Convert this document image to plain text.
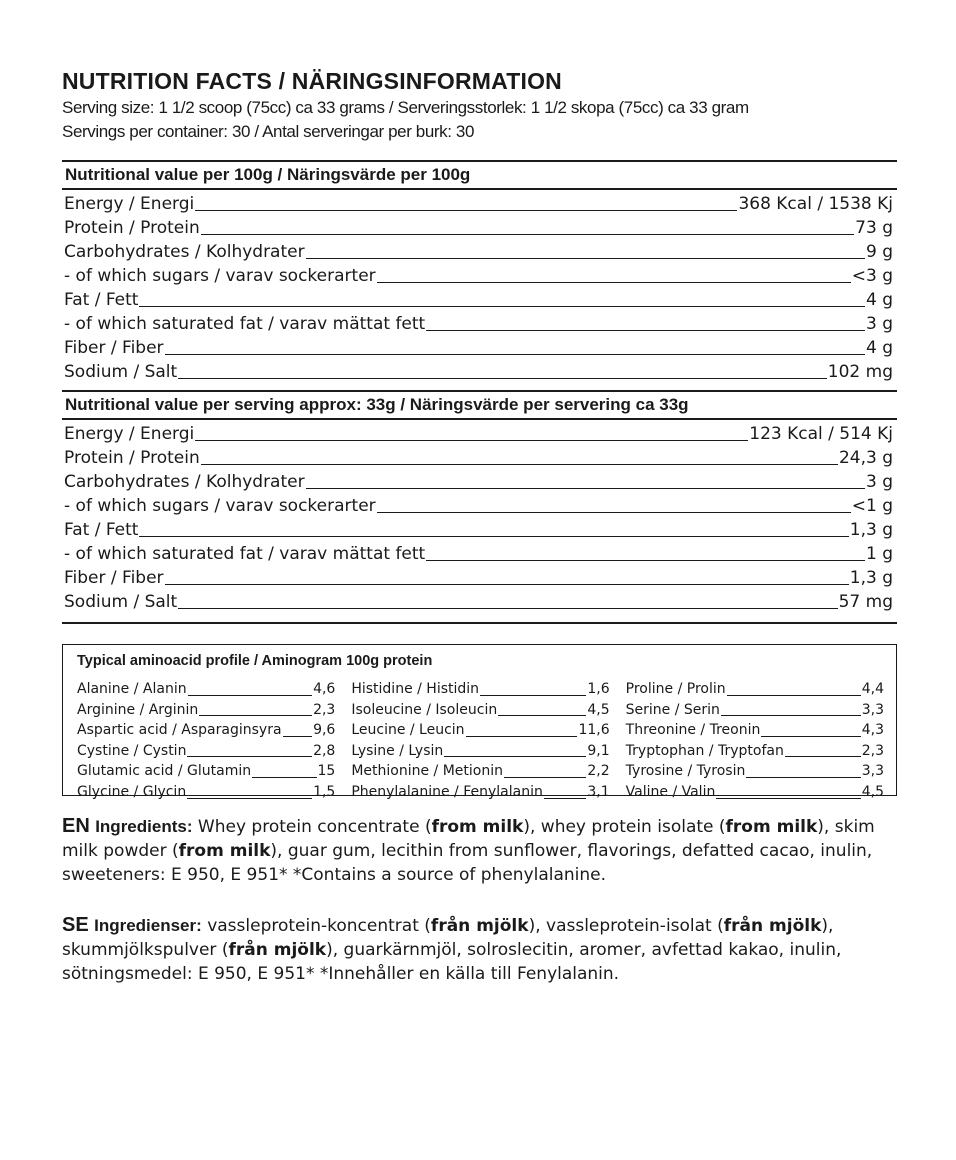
NUTRITION FACTS / NÄRINGSINFORMATION
Serving size: 1 1/2 scoop (75cc) ca 33 grams / Serveringsstorlek: 1 1/2 skopa (75cc) ca 33 gram
Servings per container: 30 / Antal serveringar per burk: 30
Nutritional value per 100g / Näringsvärde per 100g
Energy / Energi	368 Kcal / 1538 Kj
Protein / Protein	73 g
Carbohydrates / Kolhydrater	9 g
- of which sugars / varav sockerarter	<3 g
Fat / Fett	4 g
- of which saturated fat / varav mättat fett	3 g
Fiber / Fiber	4 g
Sodium / Salt	102 mg
Nutritional value per serving approx: 33g / Näringsvärde per servering ca 33g
Energy / Energi	123 Kcal / 514 Kj
Protein / Protein	24,3 g
Carbohydrates / Kolhydrater	3 g
- of which sugars / varav sockerarter	<1 g
Fat / Fett	1,3 g
- of which saturated fat / varav mättat fett	1 g
Fiber / Fiber	1,3 g
Sodium / Salt	57 mg
Typical aminoacid profile / Aminogram 100g protein
Alanine / Alanin	4,6
Arginine / Arginin	2,3
Aspartic acid / Asparaginsyra 9,6
Cystine / Cystin	2,8
Glutamic acid / Glutamin	15
Glycine / Glycin	1,5
Histidine / Histidin	1,6
Isoleucine / Isoleucin	4,5
Leucine / Leucin	11,6
Lysine / Lysin	9,1
Methionine / Metionin	2,2
Phenylalanine / Fenylalanin	3,1
Proline / Prolin	4,4
Serine / Serin	3,3
Threonine / Treonin	4,3
Tryptophan / Tryptofan	2,3
Tyrosine / Tyrosin	3,3
Valine / Valin	4,5
EN Ingredients: Whey protein concentrate (from milk), whey protein isolate (from milk), skim milk powder (from milk), guar gum, lecithin from sunflower, flavorings, defatted cacao, inulin, sweeteners: E 950, E 951* *Contains a source of phenylalanine.
SE Ingredienser: vassleprotein-koncentrat (från mjölk), vassleprotein-isolat (från mjölk), skummjölkspulver (från mjölk), guarkärnmjöl, solroslecitin, aromer, avfettad kakao, inulin, sötningsmedel: E 950, E 951* *Innehåller en källa till Fenylalanin.
